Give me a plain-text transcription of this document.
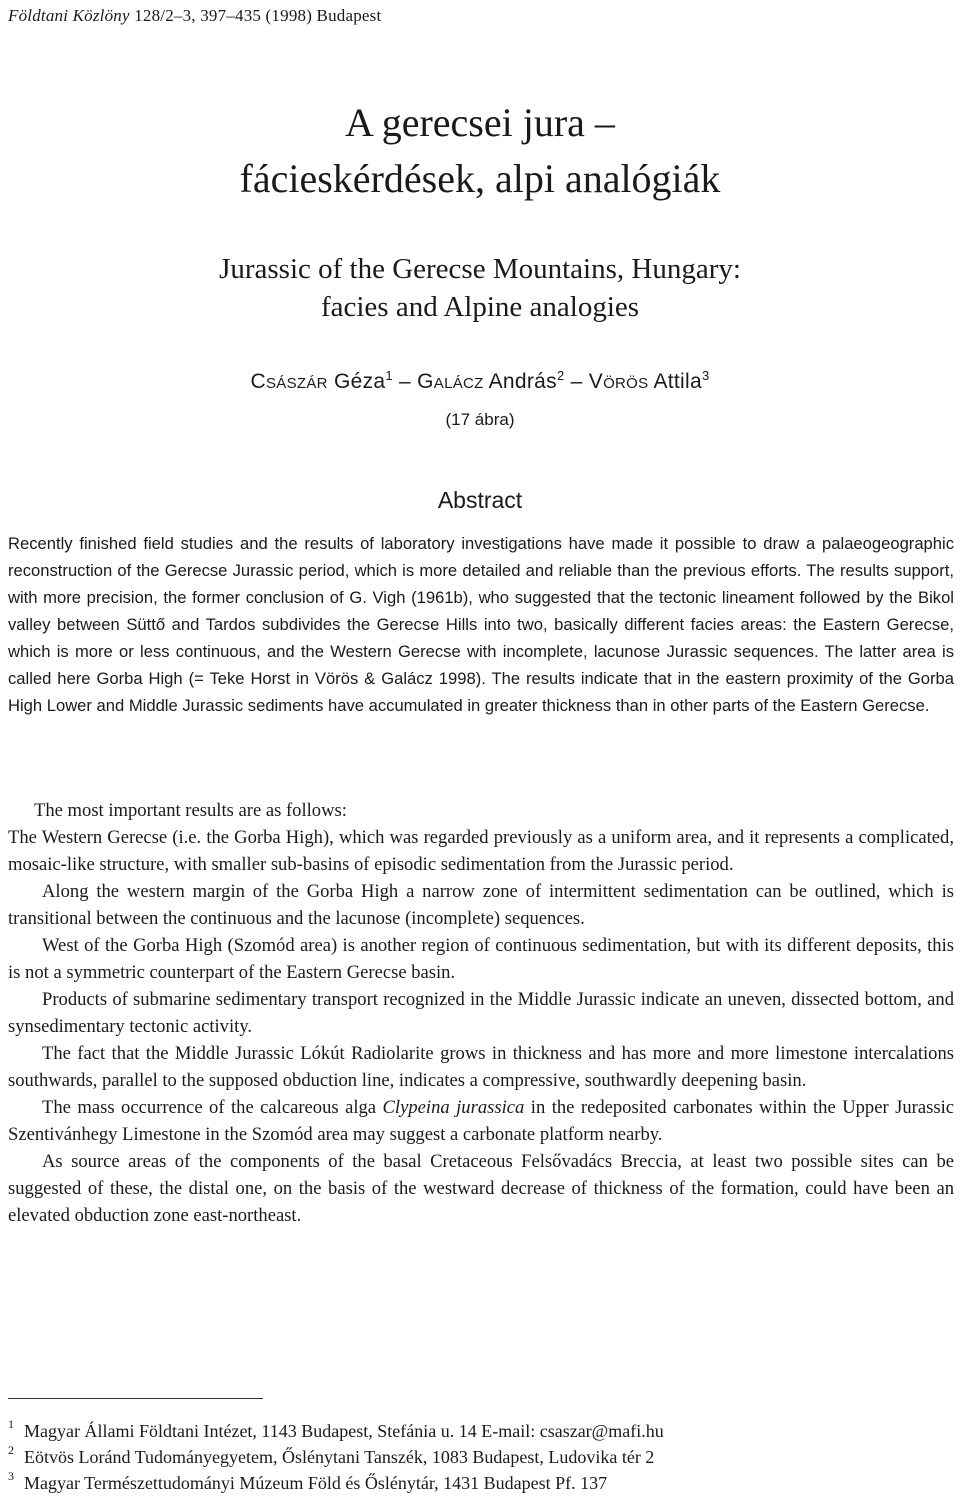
Földtani Közlöny 128/2–3, 397–435 (1998) Budapest
A gerecsei jura –
fácieskérdések, alpi analógiák
Jurassic of the Gerecse Mountains, Hungary:
facies and Alpine analogies
Császár Géza$^1$ – Galácz András$^2$ – Vörös Attila$^3$
(17 ábra)
Abstract

Recently finished field studies and the results of laboratory investigations have made it possible to draw a palaeogeographic reconstruction of the Gerecse Jurassic period, which is more detailed and reliable than the previous efforts. The results support, with more precision, the former conclusion of G. Vigh (1961b), who suggested that the tectonic lineament followed by the Bikol valley between Süttő and Tardos subdivides the Gerecse Hills into two, basically different facies areas: the Eastern Gerecse, which is more or less continuous, and the Western Gerecse with incomplete, lacunose Jurassic sequences. The latter area is called here Gorba High (= Teke Horst in Vörös & Galácz 1998). The results indicate that in the eastern proximity of the Gorba High Lower and Middle Jurassic sediments have accumulated in greater thickness than in other parts of the Eastern Gerecse.

The most important results are as follows:

The Western Gerecse (i.e. the Gorba High), which was regarded previously as a uniform area, and it represents a complicated, mosaic-like structure, with smaller sub-basins of episodic sedimentation from the Jurassic period.

Along the western margin of the Gorba High a narrow zone of intermittent sedimentation can be outlined, which is transitional between the continuous and the lacunose (incomplete) sequences.

West of the Gorba High (Szomód area) is another region of continuous sedimentation, but with its different deposits, this is not a symmetric counterpart of the Eastern Gerecse basin.

Products of submarine sedimentary transport recognized in the Middle Jurassic indicate an uneven, dissected bottom, and synsedimentary tectonic activity.

The fact that the Middle Jurassic Lókút Radiolarite grows in thickness and has more and more limestone intercalations southwards, parallel to the supposed obduction line, indicates a compressive, southwardly deepening basin.

The mass occurrence of the calcareous alga Clypeina jurassica in the redeposited carbonates within the Upper Jurassic Szentivánhegy Limestone in the Szomód area may suggest a carbonate platform nearby.

As source areas of the components of the basal Cretaceous Felsővadács Breccia, at least two possible sites can be suggested of these, the distal one, on the basis of the westward decrease of thickness of the formation, could have been an elevated obduction zone east-northeast.

1 Magyar Állami Földtani Intézet, 1143 Budapest, Stefánia u. 14 E-mail: csaszar@mafi.hu
2 Eötvös Loránd Tudományegyetem, Őslénytani Tanszék, 1083 Budapest, Ludovika tér 2
3 Magyar Természettudományi Múzeum Föld és Őslénytár, 1431 Budapest Pf. 137
